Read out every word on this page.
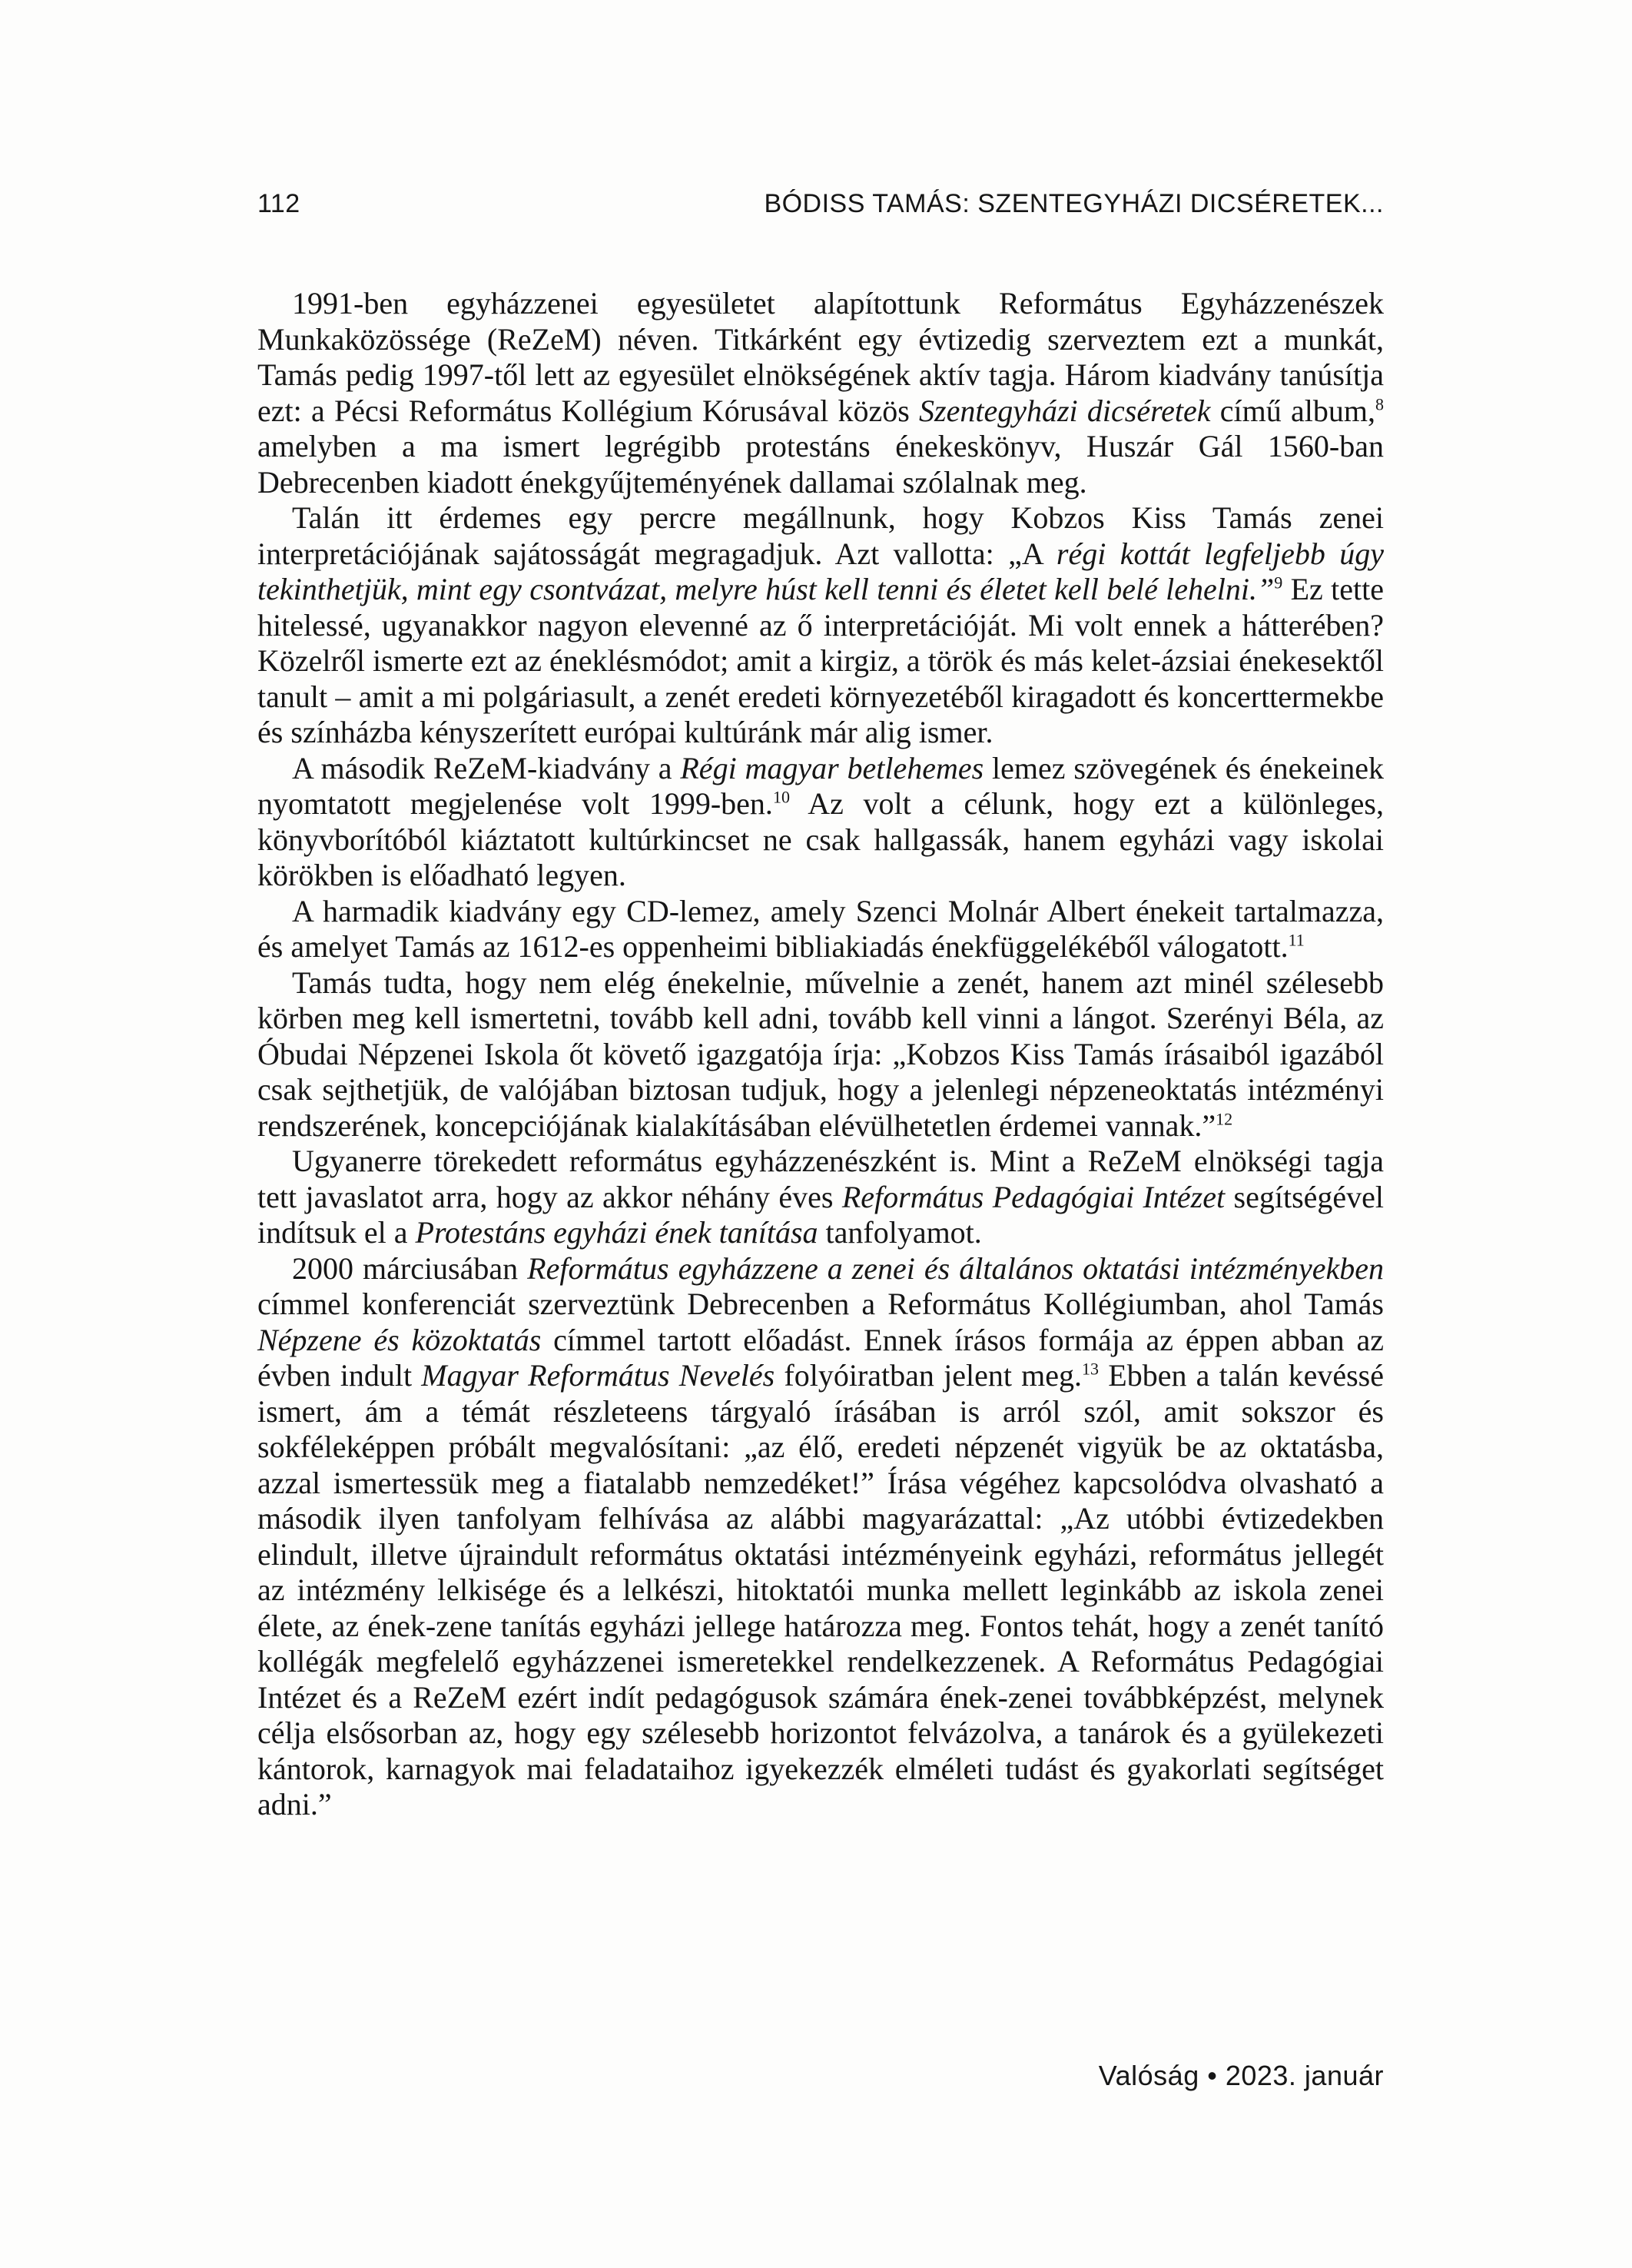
112	BÓDISS TAMÁS: SZENTEGYHÁZI DICSÉRETEK...

1991-ben egyházzenei egyesületet alapítottunk Református Egyházzenészek Munkaközössége (ReZeM) néven. Titkárként egy évtizedig szerveztem ezt a munkát, Tamás pedig 1997-től lett az egyesület elnökségének aktív tagja. Három kiadvány tanúsítja ezt: a Pécsi Református Kollégium Kórusával közös Szentegyházi dicséretek című album,$^8$ amelyben a ma ismert legrégibb protestáns énekeskönyv, Huszár Gál 1560-ban Debrecenben kiadott énekgyűjteményének dallamai szólalnak meg.

Talán itt érdemes egy percre megállnunk, hogy Kobzos Kiss Tamás zenei interpretációjának sajátosságát megragadjuk. Azt vallotta: „A régi kottát legfeljebb úgy tekinthetjük, mint egy csontvázat, melyre húst kell tenni és életet kell belé lehelni.”$^9$ Ez tette hitelessé, ugyanakkor nagyon elevenné az ő interpretációját. Mi volt ennek a hátterében? Közelről ismerte ezt az éneklésmódot; amit a kirgiz, a török és más kelet-ázsiai énekesektől tanult – amit a mi polgáriasult, a zenét eredeti környezetéből kiragadott és koncerttermekbe és színházba kényszerített európai kultúránk már alig ismer.

A második ReZeM-kiadvány a Régi magyar betlehemes lemez szövegének és énekeinek nyomtatott megjelenése volt 1999-ben.$^{10}$ Az volt a célunk, hogy ezt a különleges, könyvborítóból kiáztatott kultúrkincset ne csak hallgassák, hanem egyházi vagy iskolai körökben is előadható legyen.

A harmadik kiadvány egy CD-lemez, amely Szenci Molnár Albert énekeit tartalmazza, és amelyet Tamás az 1612-es oppenheimi bibliakiadás énekfüggelékéből válogatott.$^{11}$

Tamás tudta, hogy nem elég énekelnie, művelnie a zenét, hanem azt minél szélesebb körben meg kell ismertetni, tovább kell adni, tovább kell vinni a lángot. Szerényi Béla, az Óbudai Népzenei Iskola őt követő igazgatója írja: „Kobzos Kiss Tamás írásaiból igazából csak sejthetjük, de valójában biztosan tudjuk, hogy a jelenlegi népzeneoktatás intézményi rendszerének, koncepciójának kialakításában elévülhetetlen érdemei vannak.”$^{12}$

Ugyanerre törekedett református egyházzenészként is. Mint a ReZeM elnökségi tagja tett javaslatot arra, hogy az akkor néhány éves Református Pedagógiai Intézet segítségével indítsuk el a Protestáns egyházi ének tanítása tanfolyamot.

2000 márciusában Református egyházzene a zenei és általános oktatási intézményekben címmel konferenciát szerveztünk Debrecenben a Református Kollégiumban, ahol Tamás Népzene és közoktatás címmel tartott előadást. Ennek írásos formája az éppen abban az évben indult Magyar Református Nevelés folyóiratban jelent meg.$^{13}$ Ebben a talán kevéssé ismert, ám a témát részleteens tárgyaló írásában is arról szól, amit sokszor és sokféleképpen próbált megvalósítani: „az élő, eredeti népzenét vigyük be az oktatásba, azzal ismertessük meg a fiatalabb nemzedéket!” Írása végéhez kapcsolódva olvasható a második ilyen tanfolyam felhívása az alábbi magyarázattal: „Az utóbbi évtizedekben elindult, illetve újraindult református oktatási intézményeink egyházi, református jellegét az intézmény lelkisége és a lelkészi, hitoktatói munka mellett leginkább az iskola zenei élete, az ének-zene tanítás egyházi jellege határozza meg. Fontos tehát, hogy a zenét tanító kollégák megfelelő egyházzenei ismeretekkel rendelkezzenek. A Református Pedagógiai Intézet és a ReZeM ezért indít pedagógusok számára ének-zenei továbbképzést, melynek célja elsősorban az, hogy egy szélesebb horizontot felvázolva, a tanárok és a gyülekezeti kántorok, karnagyok mai feladataihoz igyekezzék elméleti tudást és gyakorlati segítséget adni.”

Valóság • 2023. január
